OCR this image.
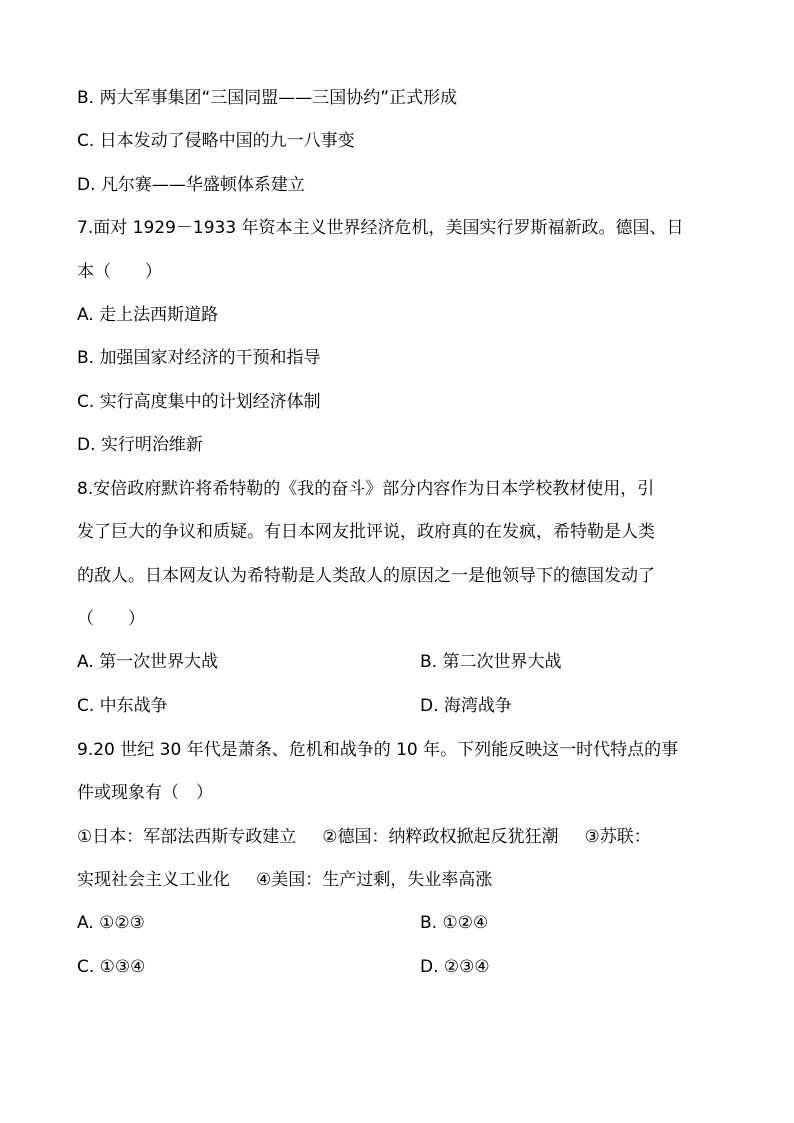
B. 两大军事集团“三国同盟——三国协约”正式形成
C. 日本发动了侵略中国的九一八事变
D. 凡尔赛——华盛顿体系建立
7.面对 1929－1933 年资本主义世界经济危机，美国实行罗斯福新政。德国、日
本（　　）
A. 走上法西斯道路
B. 加强国家对经济的干预和指导
C. 实行高度集中的计划经济体制
D. 实行明治维新
8.安倍政府默许将希特勒的《我的奋斗》部分内容作为日本学校教材使用，引
发了巨大的争议和质疑。有日本网友批评说，政府真的在发疯，希特勒是人类
的敌人。日本网友认为希特勒是人类敌人的原因之一是他领导下的德国发动了
（　　）
A. 第一次世界大战	B. 第二次世界大战
C. 中东战争	D. 海湾战争
9.20 世纪 30 年代是萧条、危机和战争的 10 年。下列能反映这一时代特点的事
件或现象有（　）
①日本：军部法西斯专政建立 ②德国：纳粹政权掀起反犹狂潮 ③苏联：
实现社会主义工业化 ④美国：生产过剩，失业率高涨
A. ①②③	B. ①②④
C. ①③④	D. ②③④
